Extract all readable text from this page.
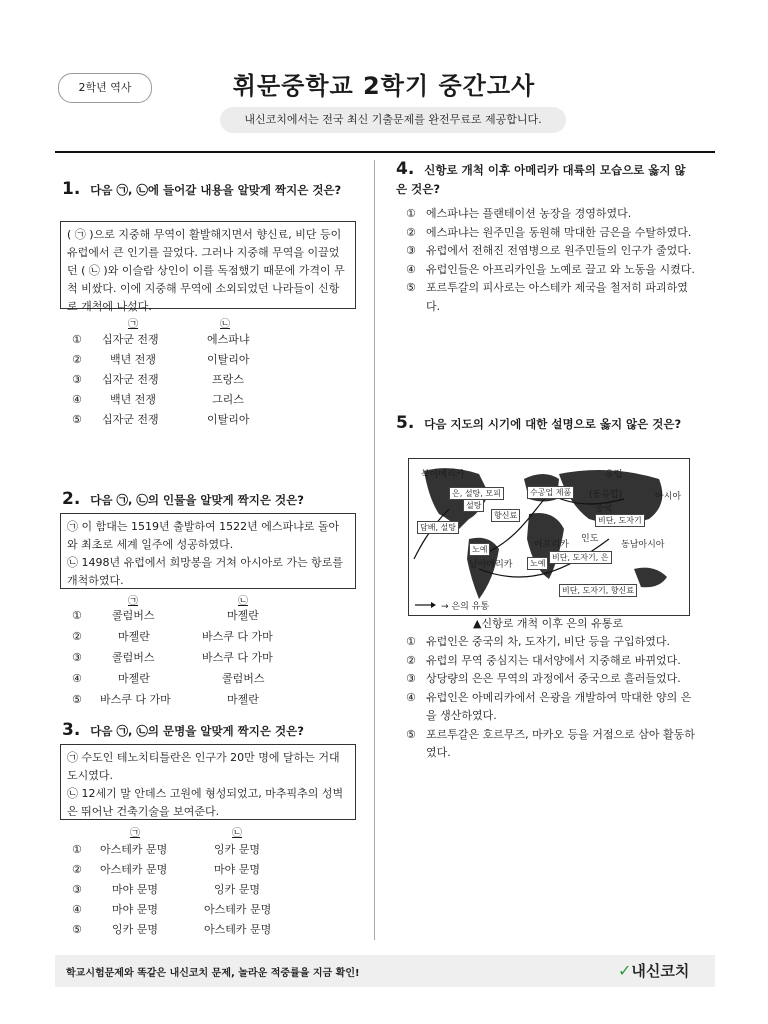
2학년 역사	휘문중학교 2학기 중간고사
내신코치에서는 전국 최신 기출문제를 완전무료로 제공합니다.
1. 다음 ㉠, ㉡에 들어갈 내용을 알맞게 짝지은 것은?
( ㉠ )으로 지중해 무역이 활발해지면서 향신료, 비단 등이 유럽에서 큰 인기를 끌었다. 그러나 지중해 무역을 이끌었던 ( ㉡ )와 이슬람 상인이 이를 독점했기 때문에 가격이 무척 비쌌다. 이에 지중해 무역에 소외되었던 나라들이 신항로 개척에 나섰다.
㉠	㉡
① 십자군 전쟁	에스파냐
②	백년 전쟁	이탈리아
③ 십자군 전쟁	프랑스
④	백년 전쟁	그리스
⑤ 십자군 전쟁	이탈리아
2. 다음 ㉠, ㉡의 인물을 알맞게 짝지은 것은?
㉠ 이 함대는 1519년 출발하여 1522년 에스파냐로 돌아와 최초로 세계 일주에 성공하였다.
㉡ 1498년 유럽에서 희망봉을 거쳐 아시아로 가는 항로를 개척하였다.
㉠	㉡
①	콜럼버스	마젤란
②	마젤란	바스쿠 다 가마
③	콜럼버스	바스쿠 다 가마
④	마젤란	콜럼버스
⑤ 바스쿠 다 가마	마젤란
3. 다음 ㉠, ㉡의 문명을 알맞게 짝지은 것은?
㉠ 수도인 테노치티틀란은 인구가 20만 명에 달하는 거대 도시였다.
㉡ 12세기 말 안데스 고원에 형성되었고, 마추픽추의 성벽은 뛰어난 건축기술을 보여준다.
㉠	㉡
① 아스테카 문명	잉카 문명
② 아스테카 문명	마야 문명
③	마야 문명	잉카 문명
④	마야 문명	아스테카 문명
⑤	잉카 문명	아스테카 문명
4. 신항로 개척 이후 아메리카 대륙의 모습으로 옳지 않은 것은?
① 에스파냐는 플랜테이션 농장을 경영하였다.
② 에스파냐는 원주민을 동원해 막대한 금은을 수탈하였다.
③ 유럽에서 전해진 전염병으로 원주민들의 인구가 줄었다.
④ 유럽인들은 아프리카인을 노예로 끌고 와 노동을 시켰다.
⑤ 포르투갈의 피사로는 아스테카 제국을 철저히 파괴하였다.
5. 다음 지도의 시기에 대한 설명으로 옳지 않은 것은?
수공업 제품	(동유럽)
향신료
비단, 도자기
설탕
노예
노예
은, 설탕, 모피
비단, 도자기, 은
비단, 도자기, 향신료
담배, 설탕
유럽
중국
아시아
아프리카
남아메리카
북아메리카
인도
동남아시아
→ 은의 유통
▲신항로 개척 이후 은의 유통로
① 유럽인은 중국의 차, 도자기, 비단 등을 구입하였다.
② 유럽의 무역 중심지는 대서양에서 지중해로 바뀌었다.
③ 상당량의 은은 무역의 과정에서 중국으로 흘러들었다.
④ 유럽인은 아메리카에서 은광을 개발하여 막대한 양의 은을 생산하였다.
⑤ 포르투갈은 호르무즈, 마카오 등을 거점으로 삼아 활동하였다.
학교시험문제와 똑같은 내신코치 문제, 놀라운 적중률을 지금 확인!	✓내신코치
